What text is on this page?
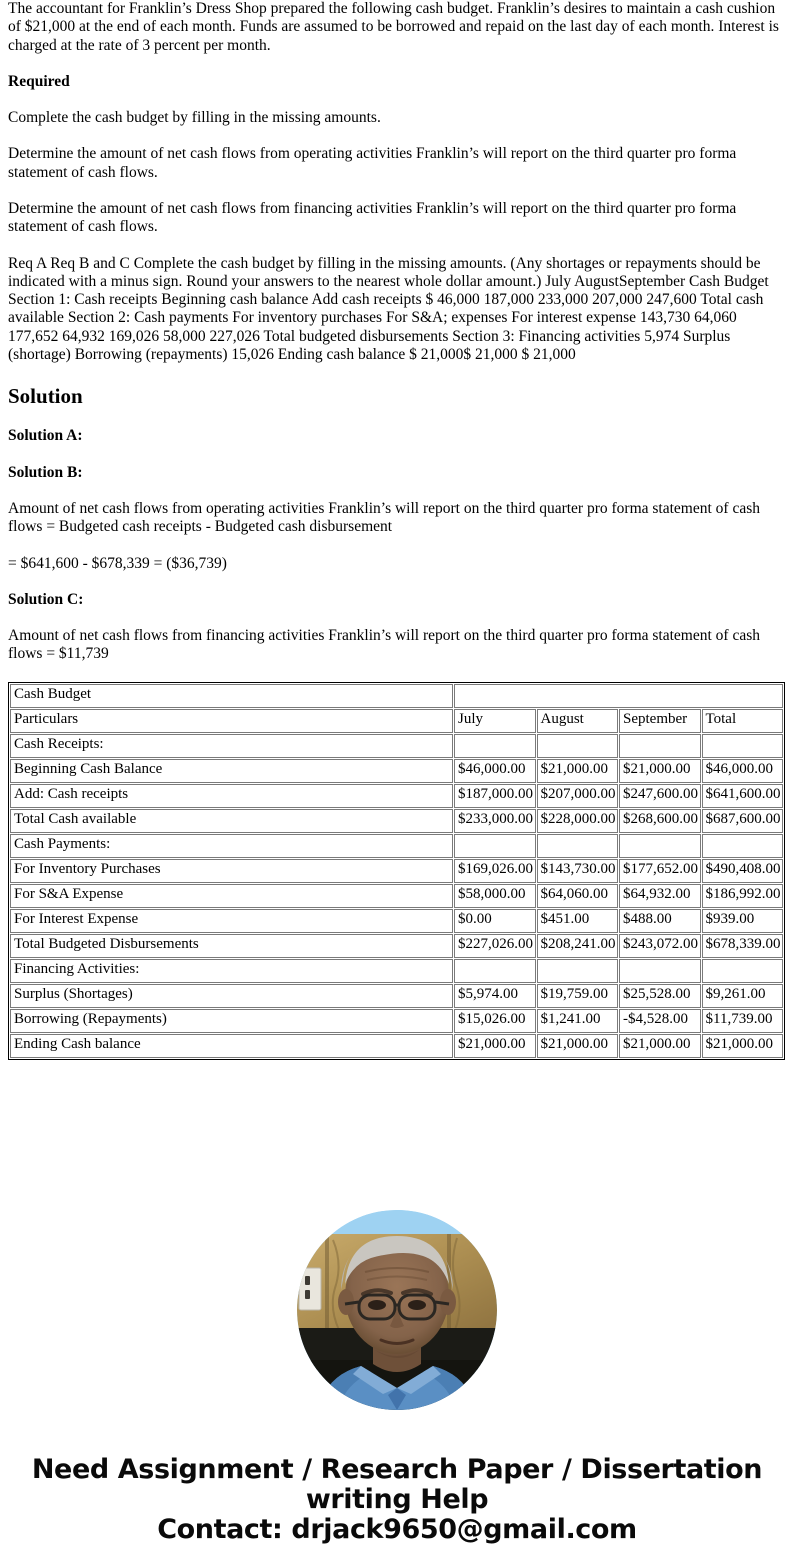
The accountant for Franklin’s Dress Shop prepared the following cash budget. Franklin’s desires to maintain a cash cushion of $21,000 at the end of each month. Funds are assumed to be borrowed and repaid on the last day of each month. Interest is charged at the rate of 3 percent per month.

Required

Complete the cash budget by filling in the missing amounts.

Determine the amount of net cash flows from operating activities Franklin’s will report on the third quarter pro forma statement of cash flows.

Determine the amount of net cash flows from financing activities Franklin’s will report on the third quarter pro forma statement of cash flows.

Req A Req B and C Complete the cash budget by filling in the missing amounts. (Any shortages or repayments should be indicated with a minus sign. Round your answers to the nearest whole dollar amount.) July AugustSeptember Cash Budget Section 1: Cash receipts Beginning cash balance Add cash receipts $ 46,000 187,000 233,000 207,000 247,600 Total cash available Section 2: Cash payments For inventory purchases For S&A; expenses For interest expense 143,730 64,060 177,652 64,932 169,026 58,000 227,026 Total budgeted disbursements Section 3: Financing activities 5,974 Surplus (shortage) Borrowing (repayments) 15,026 Ending cash balance $ 21,000$ 21,000 $ 21,000
Solution
Solution A:
Solution B:

Amount of net cash flows from operating activities Franklin’s will report on the third quarter pro forma statement of cash flows = Budgeted cash receipts - Budgeted cash disbursement

= $641,600 - $678,339 = ($36,739)

Solution C:

Amount of net cash flows from financing activities Franklin’s will report on the third quarter pro forma statement of cash flows = $11,739

Cash Budget				
Particulars	July	August	September	Total
Cash Receipts:				
Beginning Cash Balance	$46,000.00	$21,000.00	$21,000.00	$46,000.00
Add: Cash receipts	$187,000.00	$207,000.00	$247,600.00	$641,600.00
Total Cash available	$233,000.00	$228,000.00	$268,600.00	$687,600.00
Cash Payments:				
For Inventory Purchases	$169,026.00	$143,730.00	$177,652.00	$490,408.00
For S&A Expense	$58,000.00	$64,060.00	$64,932.00	$186,992.00
For Interest Expense	$0.00	$451.00	$488.00	$939.00
Total Budgeted Disbursements	$227,026.00	$208,241.00	$243,072.00	$678,339.00
Financing Activities:				
Surplus (Shortages)	$5,974.00	$19,759.00	$25,528.00	$9,261.00
Borrowing (Repayments)	$15,026.00	$1,241.00	-$4,528.00	$11,739.00
Ending Cash balance	$21,000.00	$21,000.00	$21,000.00	$21,000.00
Need Assignment / Research Paper / Dissertation writing Help
Contact: drjack9650@gmail.com
